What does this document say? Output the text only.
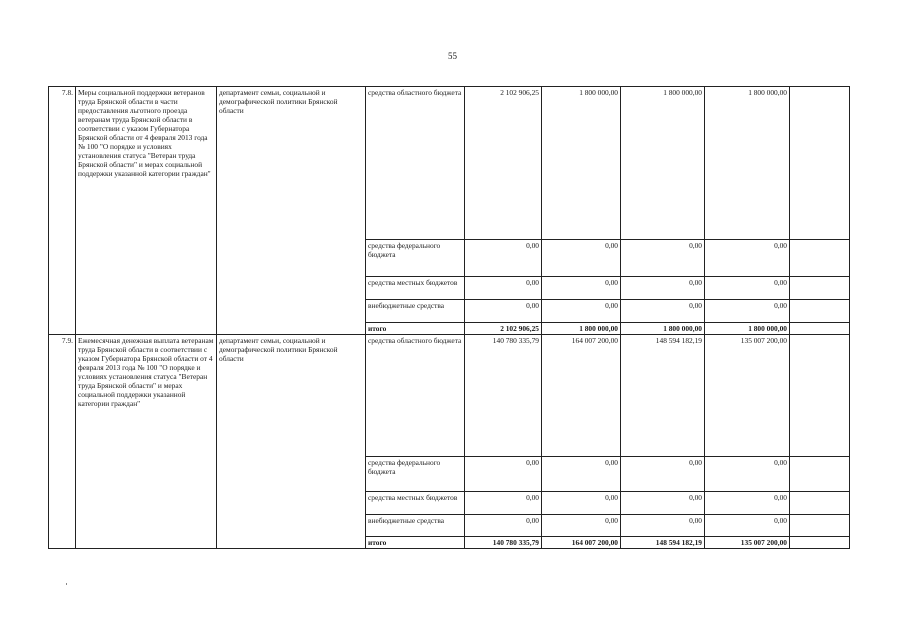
55
7.8.	Меры социальной поддержки ветеранов труда Брянской области в части предоставления льготного проезда ветеранам труда Брянской области в соответствии с указом Губернатора Брянской области от 4 февраля 2013 года № 100 "О порядке и условиях установления статуса "Ветеран труда Брянской области" и мерах социальной поддержки указанной категории граждан"	департамент семьи, социальной и демографической политики Брянской области	средства областного бюджета	2 102 906,25	1 800 000,00	1 800 000,00	1 800 000,00	
			средства федерального бюджета	0,00	0,00	0,00	0,00	
			средства местных бюджетов	0,00	0,00	0,00	0,00	
			внебюджетные средства	0,00	0,00	0,00	0,00	
			итого	2 102 906,25	1 800 000,00	1 800 000,00	1 800 000,00	
7.9.	Ежемесячная денежная выплата ветеранам труда Брянской области в соответствии с указом Губернатора Брянской области от 4 февраля 2013 года № 100 "О порядке и условиях установления статуса "Ветеран труда Брянской области" и мерах социальной поддержки указанной категории граждан"	департамент семьи, социальной и демографической политики Брянской области	средства областного бюджета	140 780 335,79	164 007 200,00	148 594 182,19	135 007 200,00	
			средства федерального бюджета	0,00	0,00	0,00	0,00	
			средства местных бюджетов	0,00	0,00	0,00	0,00	
			внебюджетные средства	0,00	0,00	0,00	0,00	
			итого	140 780 335,79	164 007 200,00	148 594 182,19	135 007 200,00	
